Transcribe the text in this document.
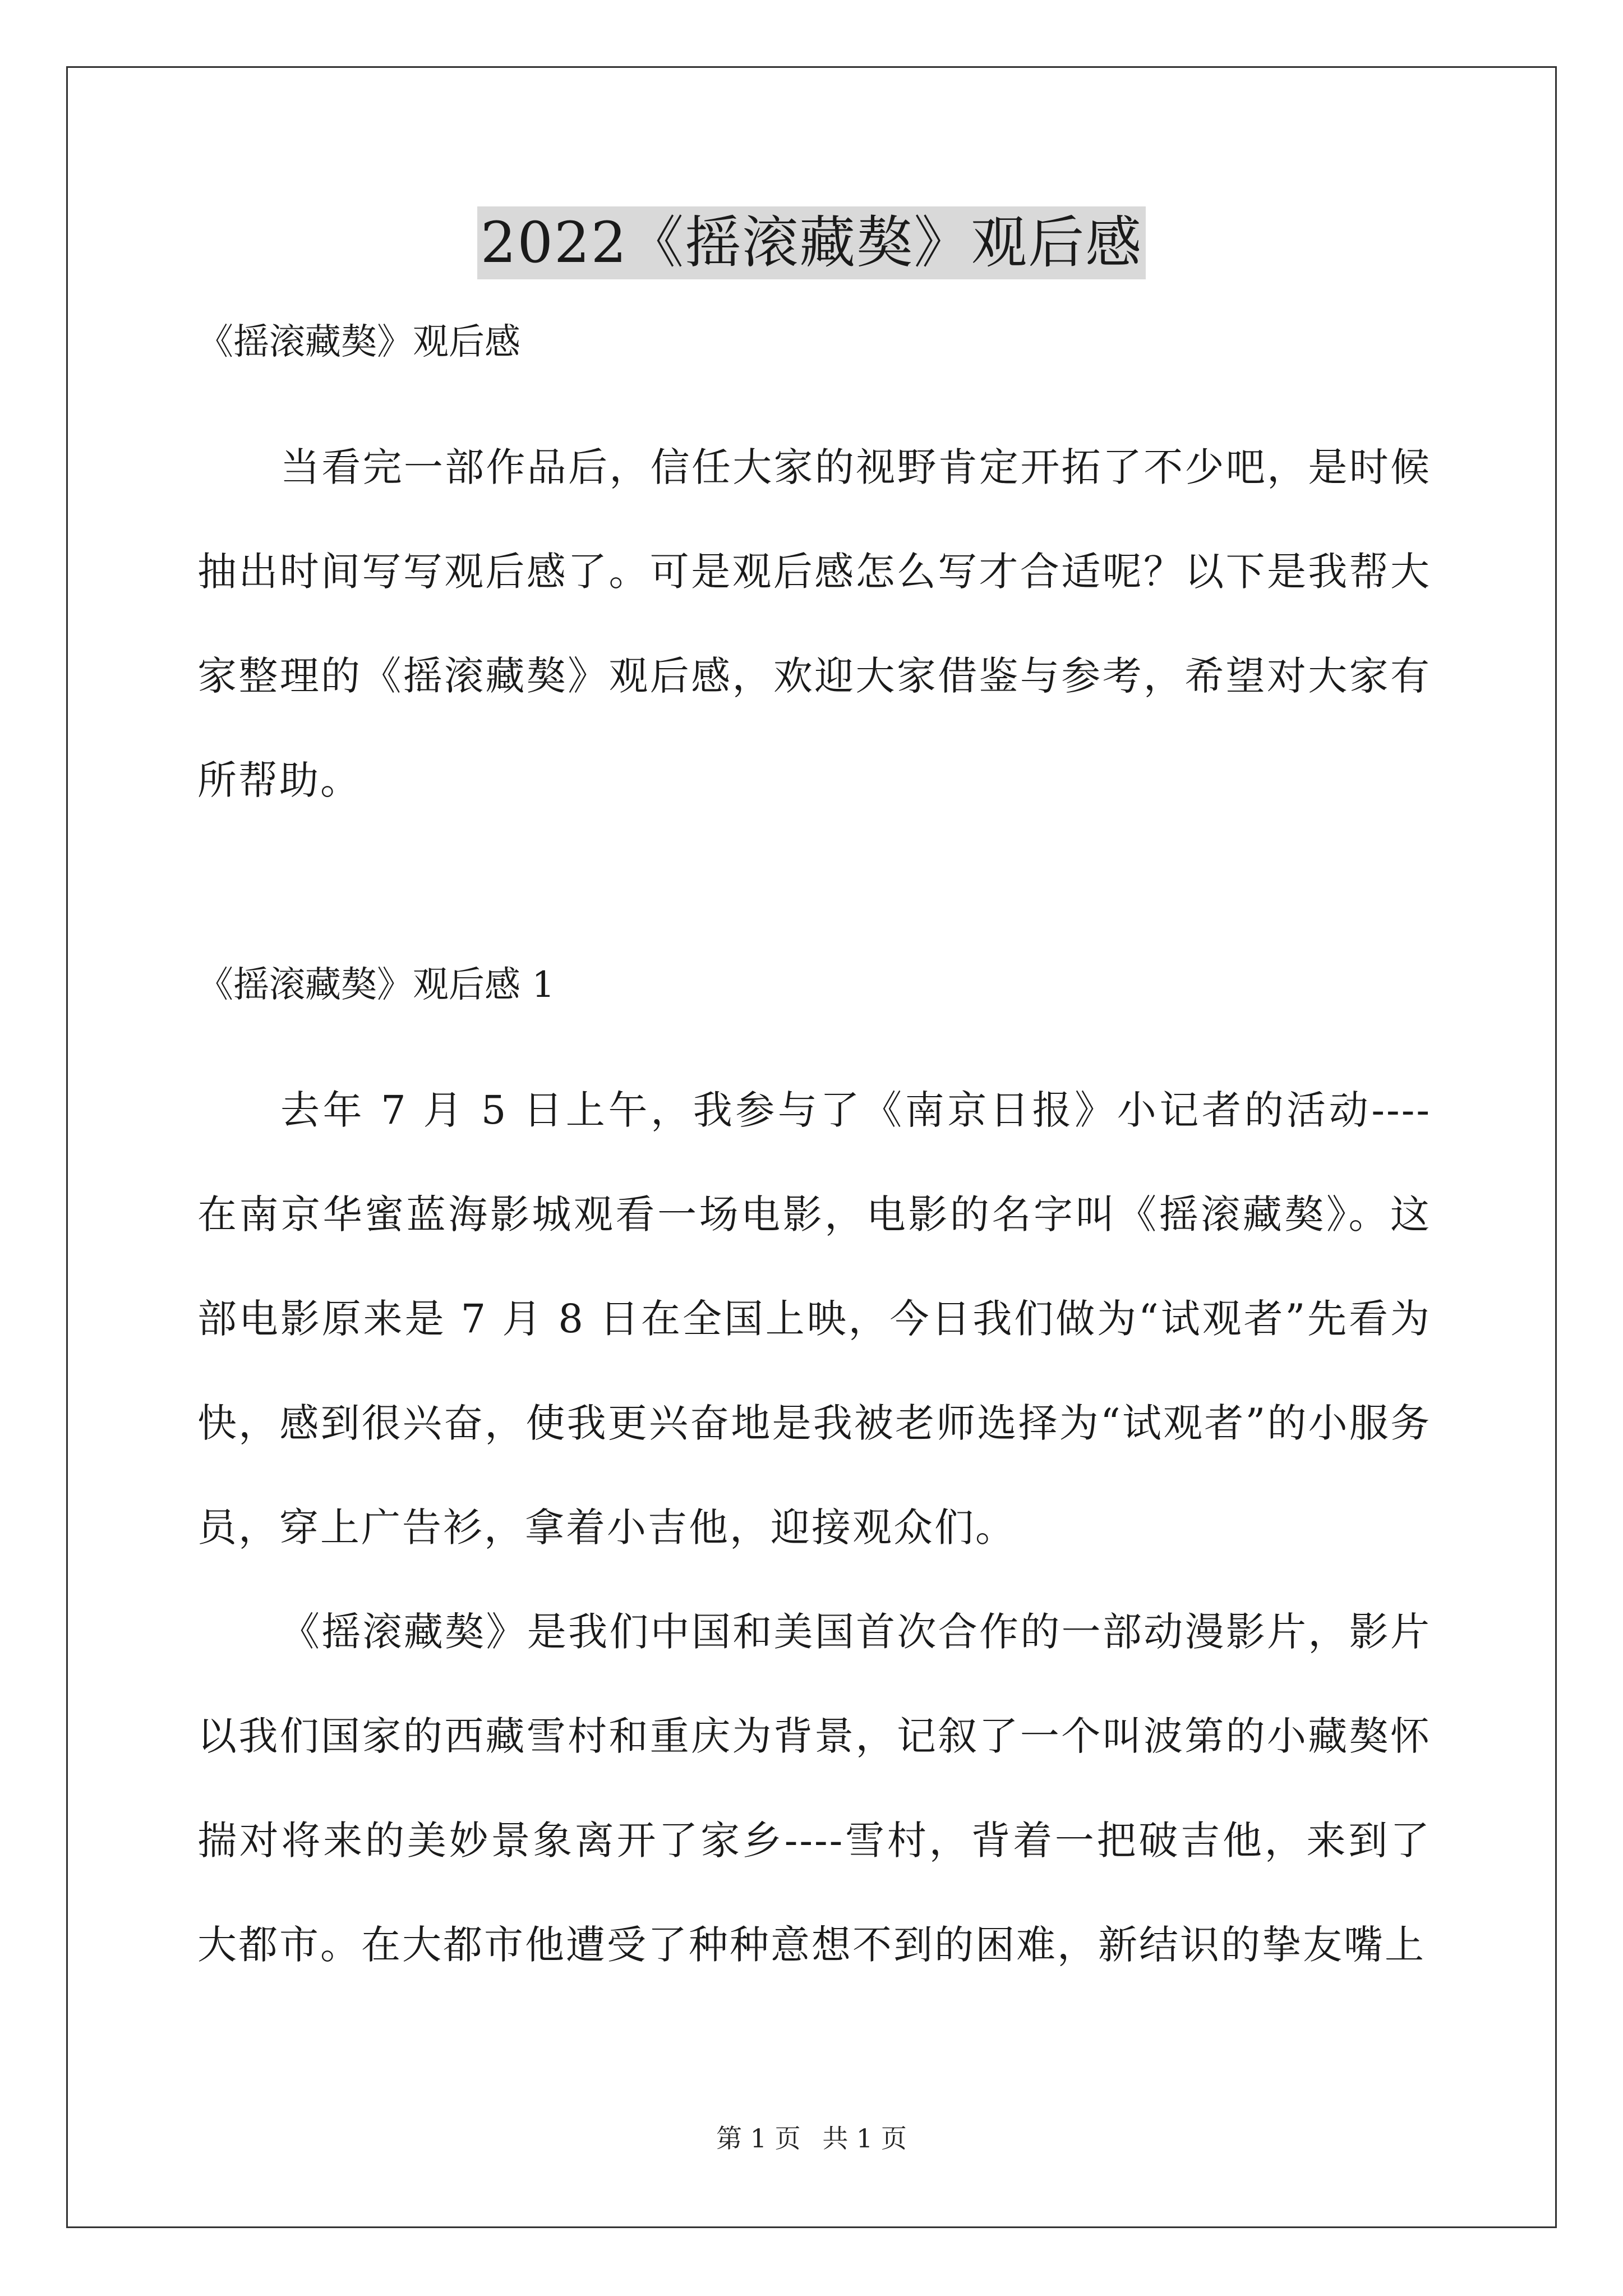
2022《摇滚藏獒》观后感

《摇滚藏獒》观后感

当看完一部作品后，信任大家的视野肯定开拓了不少吧，是时候抽出时间写写观后感了。可是观后感怎么写才合适呢？以下是我帮大家整理的《摇滚藏獒》观后感，欢迎大家借鉴与参考，希望对大家有所帮助。

《摇滚藏獒》观后感 1

去年 7 月 5 日上午，我参与了《南京日报》小记者的活动----在南京华蜜蓝海影城观看一场电影，电影的名字叫《摇滚藏獒》。这部电影原来是 7 月 8 日在全国上映，今日我们做为“试观者”先看为快，感到很兴奋，使我更兴奋地是我被老师选择为“试观者”的小服务员，穿上广告衫，拿着小吉他，迎接观众们。

《摇滚藏獒》是我们中国和美国首次合作的一部动漫影片，影片以我们国家的西藏雪村和重庆为背景，记叙了一个叫波第的小藏獒怀揣对将来的美妙景象离开了家乡----雪村，背着一把破吉他，来到了大都市。在大都市他遭受了种种意想不到的困难，新结识的挚友嘴上

第 1 页 共 1 页
